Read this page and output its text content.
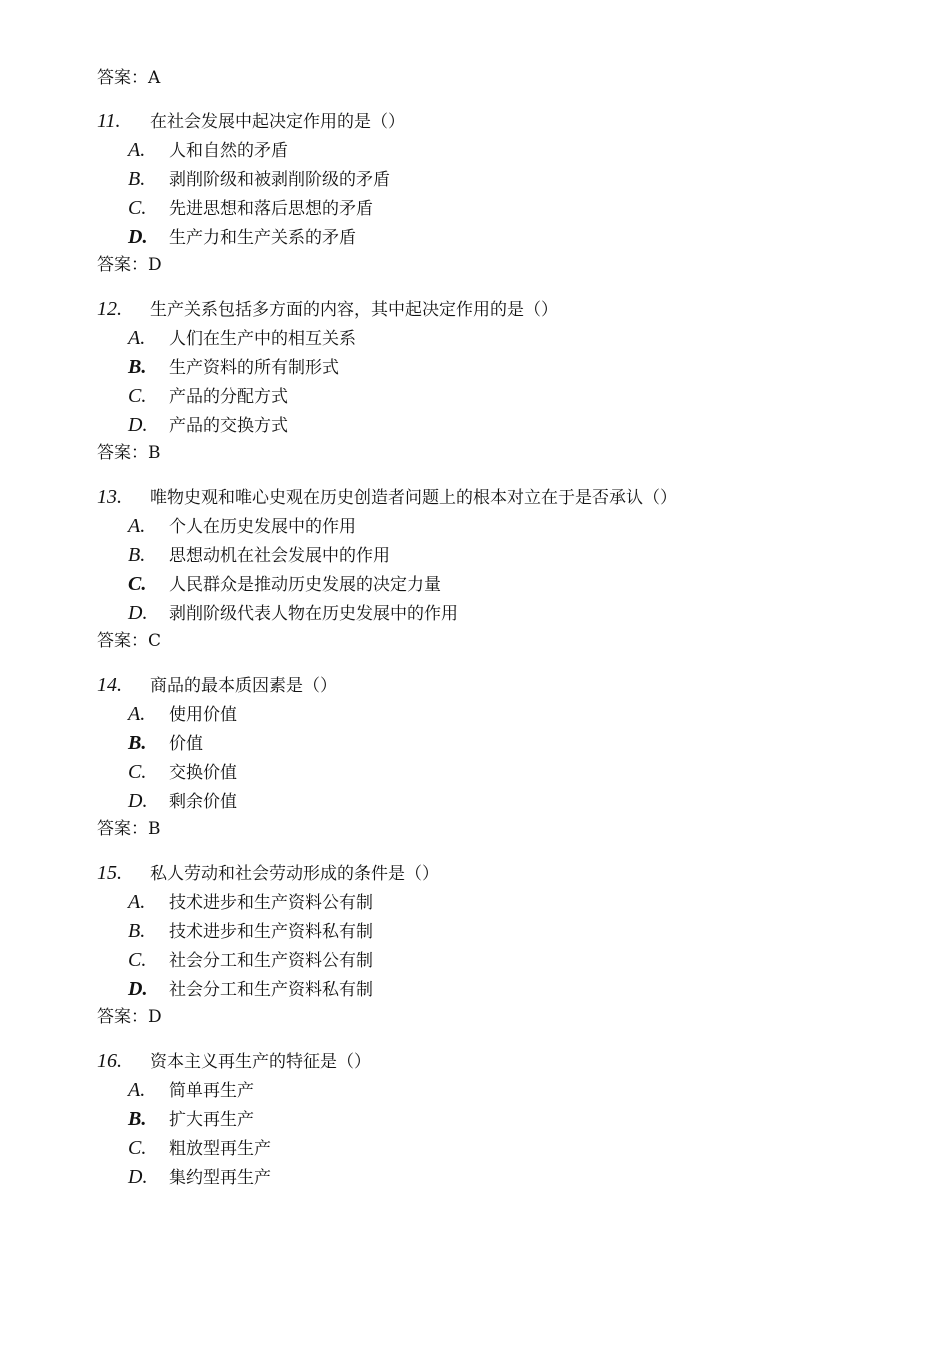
答案：A
11. 在社会发展中起决定作用的是（）
A. 人和自然的矛盾
B. 剥削阶级和被剥削阶级的矛盾
C. 先进思想和落后思想的矛盾
D. 生产力和生产关系的矛盾
答案：D
12. 生产关系包括多方面的内容，其中起决定作用的是（）
A. 人们在生产中的相互关系
B. 生产资料的所有制形式
C. 产品的分配方式
D. 产品的交换方式
答案：B
13. 唯物史观和唯心史观在历史创造者问题上的根本对立在于是否承认（）
A. 个人在历史发展中的作用
B. 思想动机在社会发展中的作用
C. 人民群众是推动历史发展的决定力量
D. 剥削阶级代表人物在历史发展中的作用
答案：C
14. 商品的最本质因素是（）
A. 使用价值
B. 价值
C. 交换价值
D. 剩余价值
答案：B
15. 私人劳动和社会劳动形成的条件是（）
A. 技术进步和生产资料公有制
B. 技术进步和生产资料私有制
C. 社会分工和生产资料公有制
D. 社会分工和生产资料私有制
答案：D
16. 资本主义再生产的特征是（）
A. 简单再生产
B. 扩大再生产
C. 粗放型再生产
D. 集约型再生产
